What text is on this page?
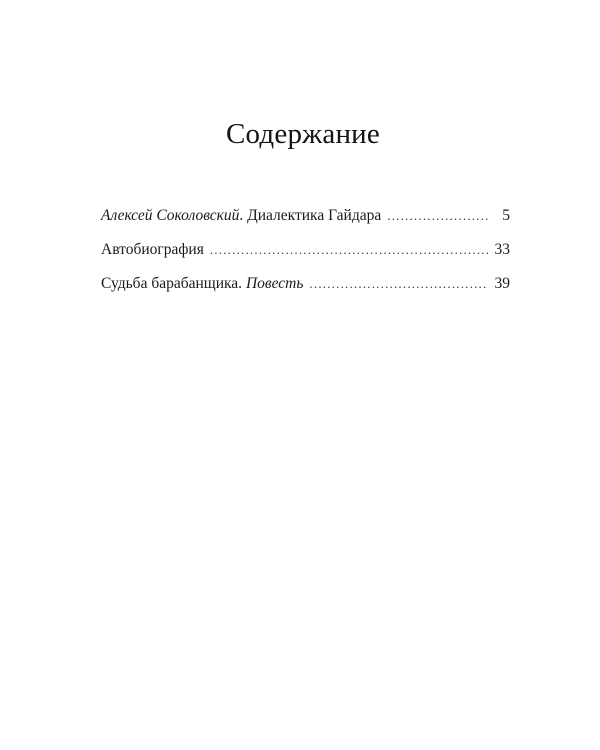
Содержание
Алексей Соколовский. Диалектика Гайдара .....	5
Автобиография .....	33
Судьба барабанщика. Повесть .....	39
